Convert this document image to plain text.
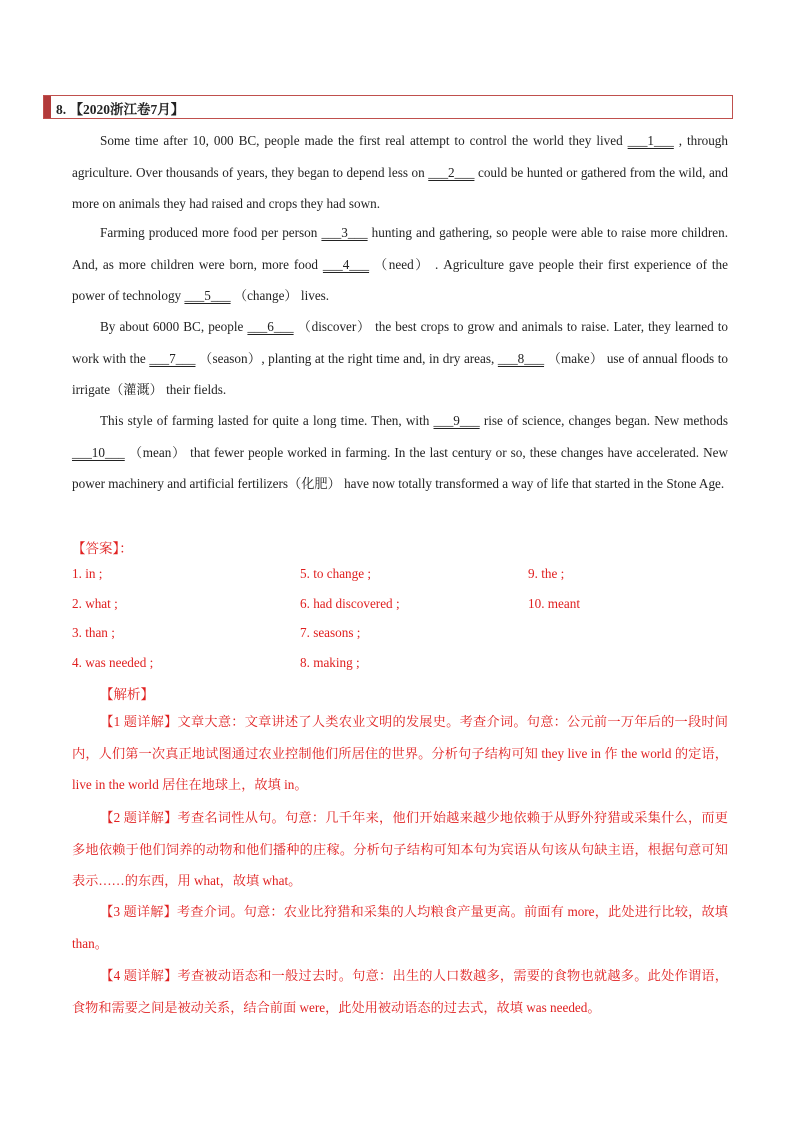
8. 【2020浙江卷7月】
Some time after 10, 000 BC, people made the first real attempt to control the world they lived ___1___ , through agriculture. Over thousands of years, they began to depend less on ___2___ could be hunted or gathered from the wild, and more on animals they had raised and crops they had sown.
Farming produced more food per person ___3___ hunting and gathering, so people were able to raise more children. And, as more children were born, more food ___4___ （need） . Agriculture gave people their first experience of the power of technology ___5___ （change） lives.
By about 6000 BC, people ___6___ （discover） the best crops to grow and animals to raise. Later, they learned to work with the ___7___ （season）, planting at the right time and, in dry areas, ___8___ （make） use of annual floods to irrigate（灌溉） their fields.
This style of farming lasted for quite a long time. Then, with ___9___ rise of science, changes began. New methods ___10___ （mean） that fewer people worked in farming. In the last century or so, these changes have accelerated. New power machinery and artificial fertilizers（化肥） have now totally transformed a way of life that started in the Stone Age.
【答案】：
1. in ;
2. what ;
3. than ;
4. was needed ;
5. to change ;
6. had discovered ;
7. seasons ;
8. making ;
9. the ;
10. meant
【解析】
【1 题详解】文章大意：文章讲述了人类农业文明的发展史。考查介词。句意：公元前一万年后的一段时间内，人们第一次真正地试图通过农业控制他们所居住的世界。分析句子结构可知 they live in 作 the world 的定语，live in the world 居住在地球上，故填 in。
【2 题详解】考查名词性从句。句意：几千年来，他们开始越来越少地依赖于从野外狩猎或采集什么，而更多地依赖于他们饲养的动物和他们播种的庄稼。分析句子结构可知本句为宾语从句该从句缺主语，根据句意可知表示……的东西，用 what，故填 what。
【3 题详解】考查介词。句意：农业比狩猎和采集的人均粮食产量更高。前面有 more，此处进行比较，故填 than。
【4 题详解】考查被动语态和一般过去时。句意：出生的人口数越多，需要的食物也就越多。此处作谓语，食物和需要之间是被动关系，结合前面 were，此处用被动语态的过去式，故填 was needed。
